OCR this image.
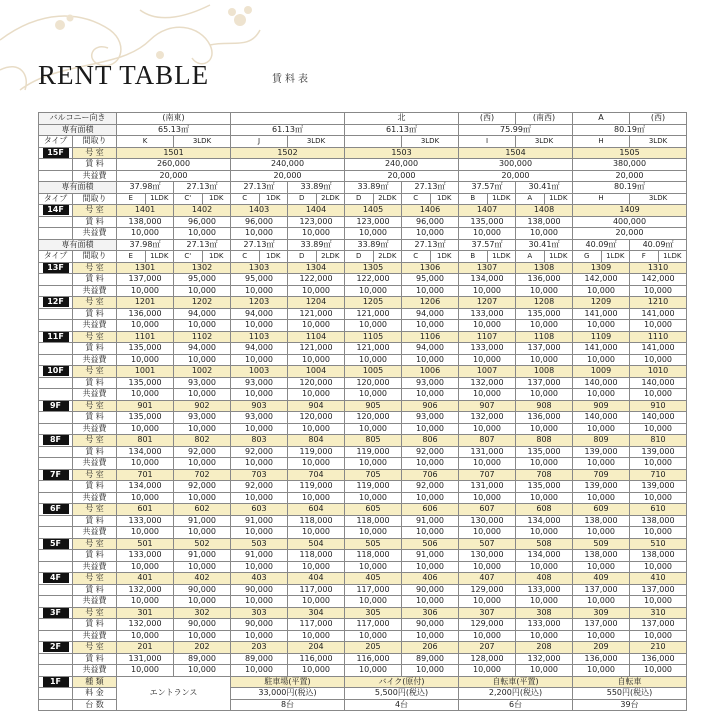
RENT TABLE	賃料表
バルコニー向き		(南東)								北				(西)		(南西)		A		(西)	
専有面積		65.13㎡				61.13㎡				61.13㎡				75.99㎡				80.19㎡			
タイプ	間取り	K		3LDK		J		3LDK				3LDK		I		3LDK		H		3LDK	
15F	号 室	1501				1502				1503				1504				1505			
	賃 料	260,000				240,000				240,000				300,000				380,000			
	共益費	20,000				20,000				20,000				20,000				20,000			
専有面積		37.98㎡		27.13㎡		27.13㎡		33.89㎡		33.89㎡		27.13㎡		37.57㎡		30.41㎡		80.19㎡			
タイプ	間取り	E	1LDK	C'	1DK	C	1DK	D	2LDK	D	2LDK	C	1DK	B	1LDK	A	1LDK	H		3LDK	
14F	号 室	1401		1402		1403		1404		1405		1406		1407		1408		1409			
	賃 料	138,000		96,000		96,000		123,000		123,000		96,000		135,000		138,000		400,000			
	共益費	10,000		10,000		10,000		10,000		10,000		10,000		10,000		10,000		20,000			
専有面積		37.98㎡		27.13㎡		27.13㎡		33.89㎡		33.89㎡		27.13㎡		37.57㎡		30.41㎡		40.09㎡		40.09㎡	
タイプ	間取り	E	1LDK	C'	1DK	C	1DK	D	2LDK	D	2LDK	C	1DK	B	1LDK	A	1LDK	G	1LDK	F	1LDK
13F	号 室	1301		1302		1303		1304		1305		1306		1307		1308		1309		1310	
	賃 料	137,000		95,000		95,000		122,000		122,000		95,000		134,000		136,000		142,000		142,000	
	共益費	10,000		10,000		10,000		10,000		10,000		10,000		10,000		10,000		10,000		10,000	
12F	号 室	1201		1202		1203		1204		1205		1206		1207		1208		1209		1210	
	賃 料	136,000		94,000		94,000		121,000		121,000		94,000		133,000		135,000		141,000		141,000	
	共益費	10,000		10,000		10,000		10,000		10,000		10,000		10,000		10,000		10,000		10,000	
11F	号 室	1101		1102		1103		1104		1105		1106		1107		1108		1109		1110	
	賃 料	135,000		94,000		94,000		121,000		121,000		94,000		133,000		137,000		141,000		141,000	
	共益費	10,000		10,000		10,000		10,000		10,000		10,000		10,000		10,000		10,000		10,000	
10F	号 室	1001		1002		1003		1004		1005		1006		1007		1008		1009		1010	
	賃 料	135,000		93,000		93,000		120,000		120,000		93,000		132,000		137,000		140,000		140,000	
	共益費	10,000		10,000		10,000		10,000		10,000		10,000		10,000		10,000		10,000		10,000	
9F	号 室	901		902		903		904		905		906		907		908		909		910	
	賃 料	135,000		93,000		93,000		120,000		120,000		93,000		132,000		136,000		140,000		140,000	
	共益費	10,000		10,000		10,000		10,000		10,000		10,000		10,000		10,000		10,000		10,000	
8F	号 室	801		802		803		804		805		806		807		808		809		810	
	賃 料	134,000		92,000		92,000		119,000		119,000		92,000		131,000		135,000		139,000		139,000	
	共益費	10,000		10,000		10,000		10,000		10,000		10,000		10,000		10,000		10,000		10,000	
7F	号 室	701		702		703		704		705		706		707		708		709		710	
	賃 料	134,000		92,000		92,000		119,000		119,000		92,000		131,000		135,000		139,000		139,000	
	共益費	10,000		10,000		10,000		10,000		10,000		10,000		10,000		10,000		10,000		10,000	
6F	号 室	601		602		603		604		605		606		607		608		609		610	
	賃 料	133,000		91,000		91,000		118,000		118,000		91,000		130,000		134,000		138,000		138,000	
	共益費	10,000		10,000		10,000		10,000		10,000		10,000		10,000		10,000		10,000		10,000	
5F	号 室	501		502		503		504		505		506		507		508		509		510	
	賃 料	133,000		91,000		91,000		118,000		118,000		91,000		130,000		134,000		138,000		138,000	
	共益費	10,000		10,000		10,000		10,000		10,000		10,000		10,000		10,000		10,000		10,000	
4F	号 室	401		402		403		404		405		406		407		408		409		410	
	賃 料	132,000		90,000		90,000		117,000		117,000		90,000		129,000		133,000		137,000		137,000	
	共益費	10,000		10,000		10,000		10,000		10,000		10,000		10,000		10,000		10,000		10,000	
3F	号 室	301		302		303		304		305		306		307		308		309		310	
	賃 料	132,000		90,000		90,000		117,000		117,000		90,000		129,000		133,000		137,000		137,000	
	共益費	10,000		10,000		10,000		10,000		10,000		10,000		10,000		10,000		10,000		10,000	
2F	号 室	201		202		203		204		205		206		207		208		209		210	
	賃 料	131,000		89,000		89,000		116,000		116,000		89,000		128,000		132,000		136,000		136,000	
	共益費	10,000		10,000		10,000		10,000		10,000		10,000		10,000		10,000		10,000		10,000	
1F	種 類	エントランス				駐車場(平置)				バイク(原付)				自転車(平置)				自転車			
	料 金					33,000円(税込)				5,500円(税込)				2,200円(税込)				550円(税込)			
	台 数					8台				4台				6台				39台			
